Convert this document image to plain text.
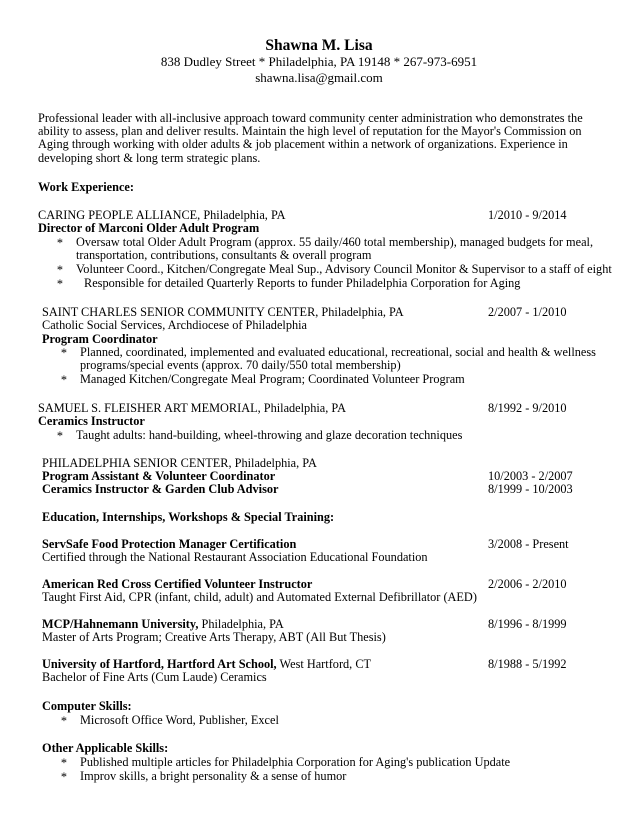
Shawna M. Lisa
838 Dudley Street * Philadelphia, PA 19148 * 267-973-6951
shawna.lisa@gmail.com
Professional leader with all-inclusive approach toward community center administration who demonstrates the ability to assess, plan and deliver results. Maintain the high level of reputation for the Mayor's Commission on Aging through working with older adults & job placement within a network of organizations. Experience in developing short & long term strategic plans.
Work Experience:
CARING PEOPLE ALLIANCE, Philadelphia, PA	1/2010 - 9/2014
Director of Marconi Older Adult Program
* Oversaw total Older Adult Program (approx. 55 daily/460 total membership), managed budgets for meal,
transportation, contributions, consultants & overall program
* Volunteer Coord., Kitchen/Congregate Meal Sup., Advisory Council Monitor & Supervisor to a staff of eight
* Responsible for detailed Quarterly Reports to funder Philadelphia Corporation for Aging
SAINT CHARLES SENIOR COMMUNITY CENTER, Philadelphia, PA	2/2007 - 1/2010
Catholic Social Services, Archdiocese of Philadelphia
Program Coordinator
* Planned, coordinated, implemented and evaluated educational, recreational, social and health & wellness
programs/special events (approx. 70 daily/550 total membership)
* Managed Kitchen/Congregate Meal Program; Coordinated Volunteer Program
SAMUEL S. FLEISHER ART MEMORIAL, Philadelphia, PA	8/1992 - 9/2010
Ceramics Instructor
* Taught adults: hand-building, wheel-throwing and glaze decoration techniques
PHILADELPHIA SENIOR CENTER, Philadelphia, PA
Program Assistant & Volunteer Coordinator	10/2003 - 2/2007
Ceramics Instructor & Garden Club Advisor	8/1999 - 10/2003
Education, Internships, Workshops & Special Training:
ServSafe Food Protection Manager Certification	3/2008 - Present
Certified through the National Restaurant Association Educational Foundation
American Red Cross Certified Volunteer Instructor	2/2006 - 2/2010
Taught First Aid, CPR (infant, child, adult) and Automated External Defibrillator (AED)
MCP/Hahnemann University, Philadelphia, PA	8/1996 - 8/1999
Master of Arts Program; Creative Arts Therapy, ABT (All But Thesis)
University of Hartford, Hartford Art School, West Hartford, CT	8/1988 - 5/1992
Bachelor of Fine Arts (Cum Laude) Ceramics
Computer Skills:
* Microsoft Office Word, Publisher, Excel
Other Applicable Skills:
* Published multiple articles for Philadelphia Corporation for Aging's publication Update
* Improv skills, a bright personality & a sense of humor
